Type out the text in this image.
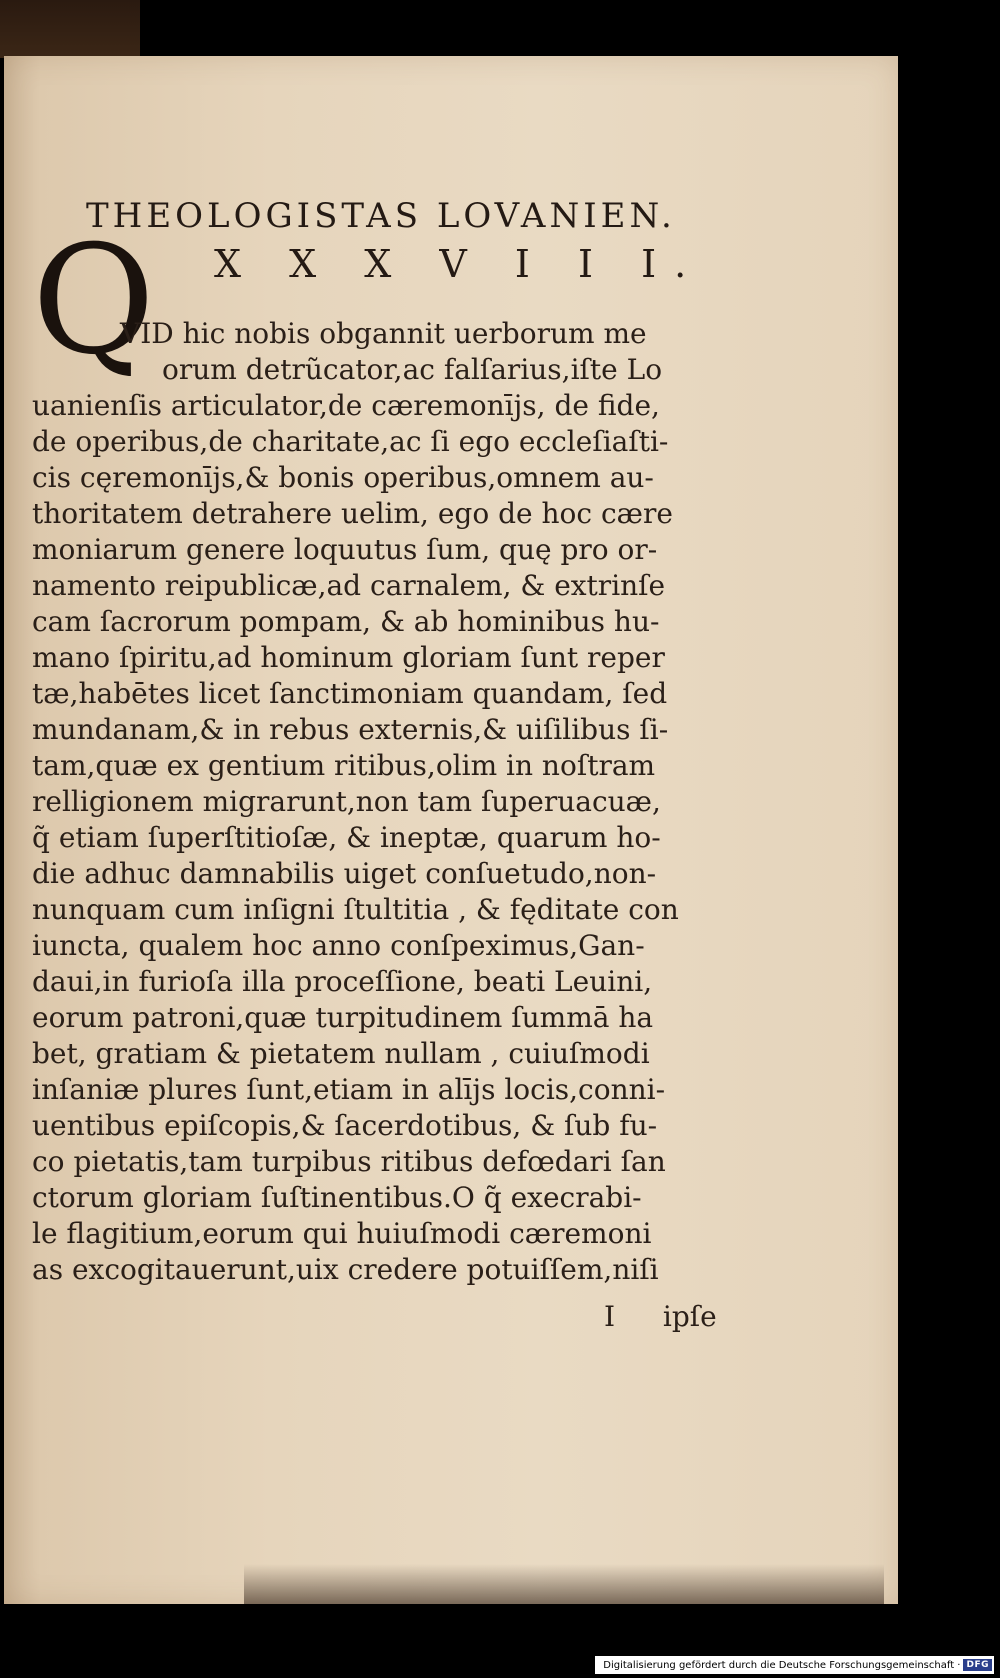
THEOLOGISTAS LOVANIEN.
X X X V I I I.
Q
VID hic nobis obgannit uerborum me
orum detrũcator,ac falſarius,iſte Lo
uanienſis articulator,de cæremonījs, de fide,
de operibus,de charitate,ac ſi ego eccleſiaſti-
cis cęremonījs,& bonis operibus,omnem au-
thoritatem detrahere uelim, ego de hoc cære
moniarum genere loquutus ſum, quę pro or-
namento reipublicæ,ad carnalem, & extrinſe
cam ſacrorum pompam, & ab hominibus hu-
mano ſpiritu,ad hominum gloriam ſunt reper
tæ,habētes licet ſanctimoniam quandam, ſed
mundanam,& in rebus externis,& uiſilibus ſi-
tam,quæ ex gentium ritibus,olim in noſtram
relligionem migrarunt,non tam ſuperuacuæ,
q̃ etiam ſuperſtitioſæ, & ineptæ, quarum ho-
die adhuc damnabilis uiget conſuetudo,non-
nunquam cum inſigni ſtultitia , & fęditate con
iuncta, qualem hoc anno conſpeximus,Gan-
daui,in furioſa illa proceſſione, beati Leuini,
eorum patroni,quæ turpitudinem ſummā ha
bet, gratiam & pietatem nullam , cuiuſmodi
inſaniæ plures ſunt,etiam in alījs locis,conni-
uentibus epiſcopis,& ſacerdotibus, & ſub fu-
co pietatis,tam turpibus ritibus defœdari ſan
ctorum gloriam ſuſtinentibus.O q̃ execrabi-
le flagitium,eorum qui huiuſmodi cæremoni
as excogitauerunt,uix credere potuiſſem,niſi
I ipſe
Digitalisierung gefördert durch die Deutsche Forschungsgemeinschaft · DFG
